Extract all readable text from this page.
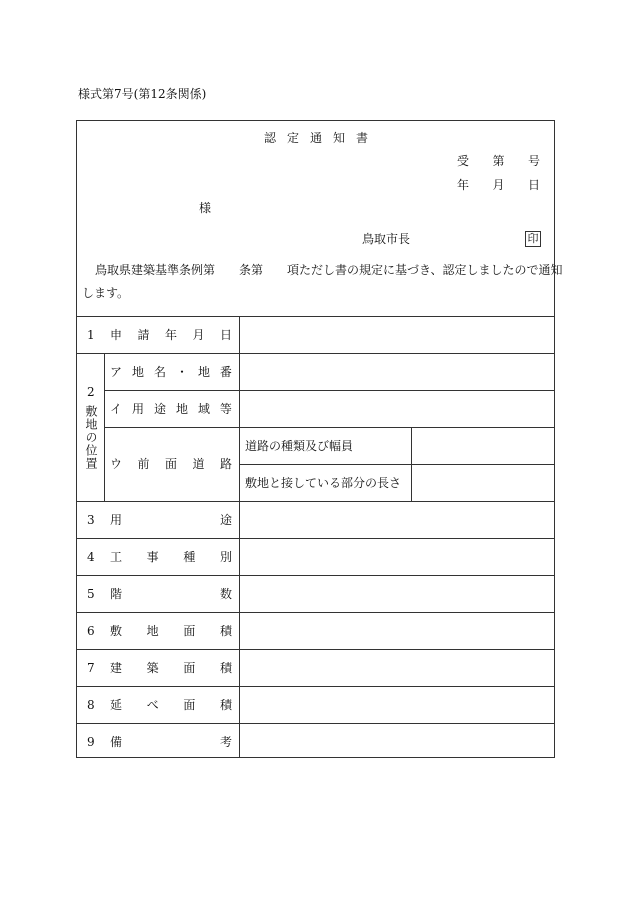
様式第7号(第12条関係)
認 定 通 知 書
受 第 号
年 月 日
様
鳥取市長	印
鳥取県建築基準条例第　　条第　　項ただし書の規定に基づき、認定しましたので通知
します。
1 申 請 年 月 日
2
敷地の位置
ア 地 名 ・ 地 番
イ 用 途 地 域 等
ウ 前 面 道 路
道路の種類及び幅員
敷地と接している部分の長さ
3 用	途
4 工 事 種 別
5 階	数
6 敷 地 面 積
7 建 築 面 積
8 延 べ 面 積
9 備	考
